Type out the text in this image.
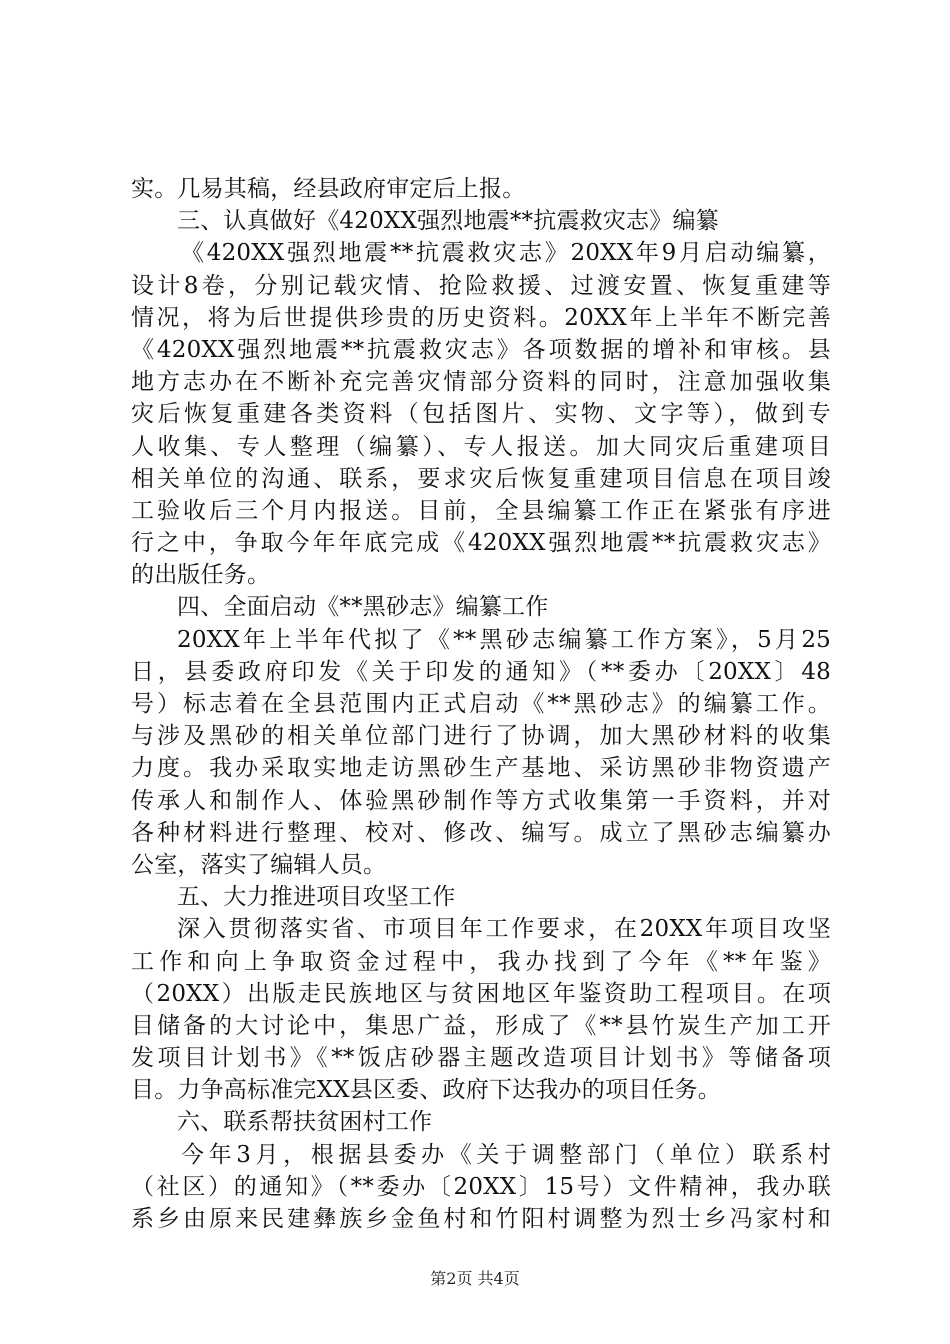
实。几易其稿，经县政府审定后上报。
三、认真做好《420XX强烈地震**抗震救灾志》编纂
《420XX强烈地震**抗震救灾志》20XX年9月启动编纂，
设计8卷，分别记载灾情、抢险救援、过渡安置、恢复重建等
情况，将为后世提供珍贵的历史资料。20XX年上半年不断完善
《420XX强烈地震**抗震救灾志》各项数据的增补和审核。县
地方志办在不断补充完善灾情部分资料的同时，注意加强收集
灾后恢复重建各类资料（包括图片、实物、文字等），做到专
人收集、专人整理（编纂）、专人报送。加大同灾后重建项目
相关单位的沟通、联系，要求灾后恢复重建项目信息在项目竣
工验收后三个月内报送。目前，全县编纂工作正在紧张有序进
行之中，争取今年年底完成《420XX强烈地震**抗震救灾志》
的出版任务。
四、全面启动《**黑砂志》编纂工作
20XX年上半年代拟了《**黑砂志编纂工作方案》，5月25
日，县委政府印发《关于印发的通知》（**委办〔20XX〕48
号）标志着在全县范围内正式启动《**黑砂志》的编纂工作。
与涉及黑砂的相关单位部门进行了协调，加大黑砂材料的收集
力度。我办采取实地走访黑砂生产基地、采访黑砂非物资遗产
传承人和制作人、体验黑砂制作等方式收集第一手资料，并对
各种材料进行整理、校对、修改、编写。成立了黑砂志编纂办
公室，落实了编辑人员。
五、大力推进项目攻坚工作
深入贯彻落实省、市项目年工作要求，在20XX年项目攻坚
工作和向上争取资金过程中，我办找到了今年《**年鉴》
（20XX）出版走民族地区与贫困地区年鉴资助工程项目。在项
目储备的大讨论中，集思广益，形成了《**县竹炭生产加工开
发项目计划书》《**饭店砂器主题改造项目计划书》等储备项
目。力争高标准完XX县区委、政府下达我办的项目任务。
六、联系帮扶贫困村工作
今年3月，根据县委办《关于调整部门（单位）联系村
（社区）的通知》（**委办〔20XX〕15号）文件精神，我办联
系乡由原来民建彝族乡金鱼村和竹阳村调整为烈士乡冯家村和
第2页 共4页
